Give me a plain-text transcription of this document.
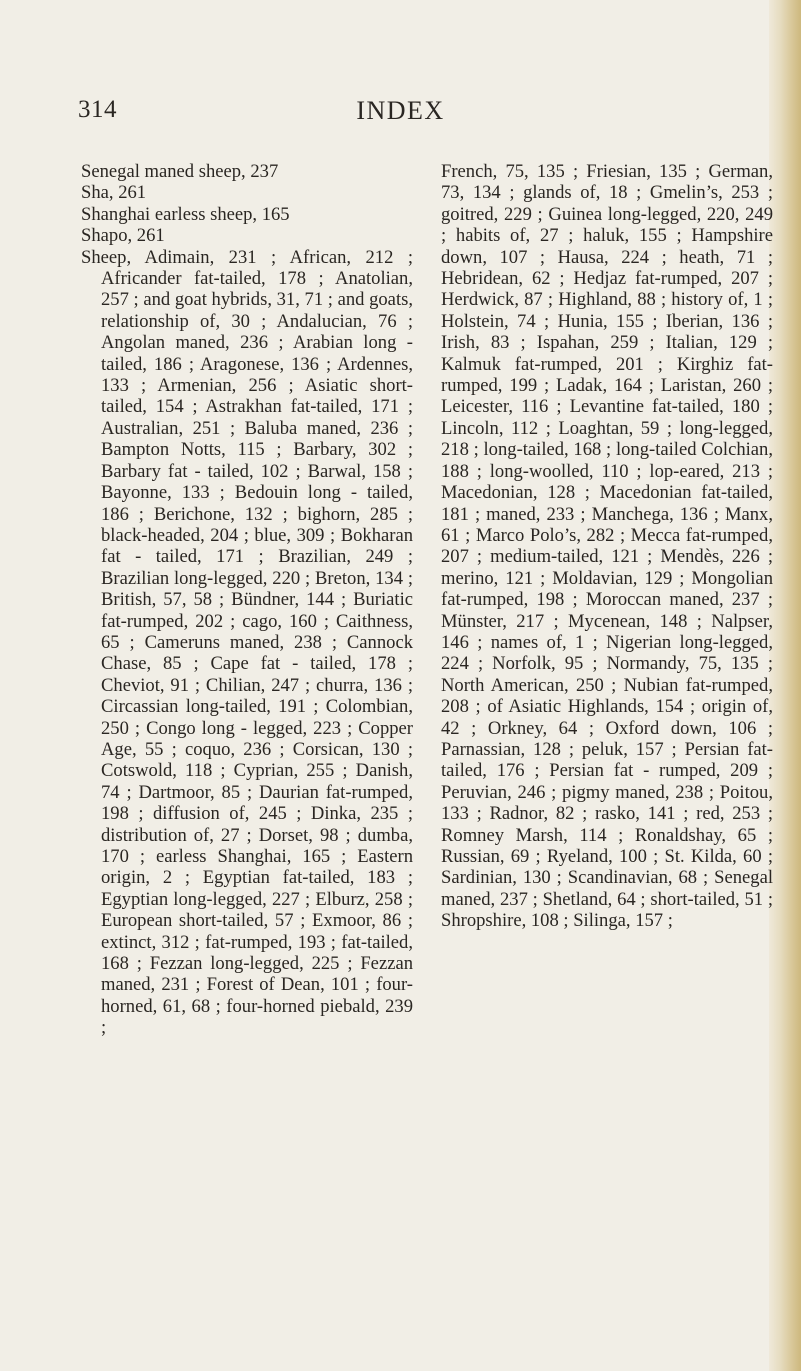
314	INDEX

Senegal maned sheep, 237

Sha, 261

Shanghai earless sheep, 165

Shapo, 261

Sheep, Adimain, 231 ; African, 212 ; Africander fat-tailed, 178 ; Anatolian, 257 ; and goat hybrids, 31, 71 ; and goats, relationship of, 30 ; Andalucian, 76 ; Angolan maned, 236 ; Arabian long - tailed, 186 ; Aragonese, 136 ; Ardennes, 133 ; Armenian, 256 ; Asiatic short-tailed, 154 ; Astrakhan fat-tailed, 171 ; Australian, 251 ; Baluba maned, 236 ; Bampton Notts, 115 ; Barbary, 302 ; Barbary fat - tailed, 102 ; Barwal, 158 ; Bayonne, 133 ; Bedouin long - tailed, 186 ; Berichone, 132 ; bighorn, 285 ; black-headed, 204 ; blue, 309 ; Bokharan fat - tailed, 171 ; Brazilian, 249 ; Brazilian long-legged, 220 ; Breton, 134 ; British, 57, 58 ; Bündner, 144 ; Buriatic fat-rumped, 202 ; cago, 160 ; Caithness, 65 ; Cameruns maned, 238 ; Cannock Chase, 85 ; Cape fat - tailed, 178 ; Cheviot, 91 ; Chilian, 247 ; churra, 136 ; Circassian long-tailed, 191 ; Colombian, 250 ; Congo long - legged, 223 ; Copper Age, 55 ; coquo, 236 ; Corsican, 130 ; Cotswold, 118 ; Cyprian, 255 ; Danish, 74 ; Dartmoor, 85 ; Daurian fat-rumped, 198 ; diffusion of, 245 ; Dinka, 235 ; distribution of, 27 ; Dorset, 98 ; dumba, 170 ; earless Shanghai, 165 ; Eastern origin, 2 ; Egyptian fat-tailed, 183 ; Egyptian long-legged, 227 ; Elburz, 258 ; European short-tailed, 57 ; Exmoor, 86 ; extinct, 312 ; fat-rumped, 193 ; fat-tailed, 168 ; Fezzan long-legged, 225 ; Fezzan maned, 231 ; Forest of Dean, 101 ; four-horned, 61, 68 ; four-horned piebald, 239 ;

French, 75, 135 ; Friesian, 135 ; German, 73, 134 ; glands of, 18 ; Gmelin’s, 253 ; goitred, 229 ; Guinea long-legged, 220, 249 ; habits of, 27 ; haluk, 155 ; Hampshire down, 107 ; Hausa, 224 ; heath, 71 ; Hebridean, 62 ; Hedjaz fat-rumped, 207 ; Herdwick, 87 ; Highland, 88 ; history of, 1 ; Holstein, 74 ; Hunia, 155 ; Iberian, 136 ; Irish, 83 ; Ispahan, 259 ; Italian, 129 ; Kalmuk fat-rumped, 201 ; Kirghiz fat-rumped, 199 ; Ladak, 164 ; Laristan, 260 ; Leicester, 116 ; Levantine fat-tailed, 180 ; Lincoln, 112 ; Loaghtan, 59 ; long-legged, 218 ; long-tailed, 168 ; long-tailed Colchian, 188 ; long-woolled, 110 ; lop-eared, 213 ; Macedonian, 128 ; Macedonian fat-tailed, 181 ; maned, 233 ; Manchega, 136 ; Manx, 61 ; Marco Polo’s, 282 ; Mecca fat-rumped, 207 ; medium-tailed, 121 ; Mendès, 226 ; merino, 121 ; Moldavian, 129 ; Mongolian fat-rumped, 198 ; Moroccan maned, 237 ; Münster, 217 ; Mycenean, 148 ; Nalpser, 146 ; names of, 1 ; Nigerian long-legged, 224 ; Norfolk, 95 ; Normandy, 75, 135 ; North American, 250 ; Nubian fat-rumped, 208 ; of Asiatic Highlands, 154 ; origin of, 42 ; Orkney, 64 ; Oxford down, 106 ; Parnassian, 128 ; peluk, 157 ; Persian fat-tailed, 176 ; Persian fat - rumped, 209 ; Peruvian, 246 ; pigmy maned, 238 ; Poitou, 133 ; Radnor, 82 ; rasko, 141 ; red, 253 ; Romney Marsh, 114 ; Ronaldshay, 65 ; Russian, 69 ; Ryeland, 100 ; St. Kilda, 60 ; Sardinian, 130 ; Scandinavian, 68 ; Senegal maned, 237 ; Shetland, 64 ; short-tailed, 51 ; Shropshire, 108 ; Silinga, 157 ;
